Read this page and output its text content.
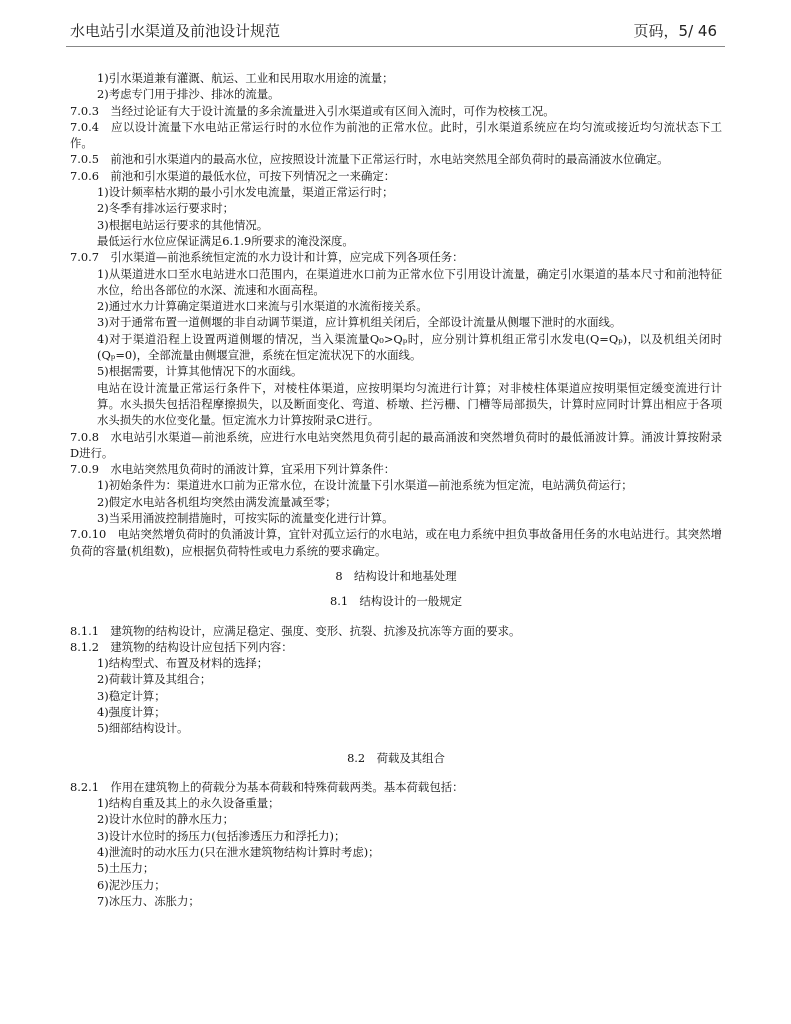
水电站引水渠道及前池设计规范	页码，5/ 46
1)引水渠道兼有灌溉、航运、工业和民用取水用途的流量；
2)考虑专门用于排沙、排冰的流量。
7.0.3　当经过论证有大于设计流量的多余流量进入引水渠道或有区间入流时，可作为校核工况。
7.0.4　应以设计流量下水电站正常运行时的水位作为前池的正常水位。此时，引水渠道系统应在均匀流或接近均匀流状态下工作。
7.0.5　前池和引水渠道内的最高水位，应按照设计流量下正常运行时，水电站突然甩全部负荷时的最高涌波水位确定。
7.0.6　前池和引水渠道的最低水位，可按下列情况之一来确定：
1)设计频率枯水期的最小引水发电流量，渠道正常运行时；
2)冬季有排冰运行要求时；
3)根据电站运行要求的其他情况。
最低运行水位应保证满足6.1.9所要求的淹没深度。
7.0.7　引水渠道—前池系统恒定流的水力设计和计算，应完成下列各项任务：
1)从渠道进水口至水电站进水口范围内，在渠道进水口前为正常水位下引用设计流量，确定引水渠道的基本尺寸和前池特征水位，给出各部位的水深、流速和水面高程。
2)通过水力计算确定渠道进水口来流与引水渠道的水流衔接关系。
3)对于通常布置一道侧堰的非自动调节渠道，应计算机组关闭后，全部设计流量从侧堰下泄时的水面线。
4)对于渠道沿程上设置两道侧堰的情况，当入渠流量Q₀>Qₚ时，应分别计算机组正常引水发电(Q=Qₚ)，以及机组关闭时(Qₚ=0)，全部流量由侧堰宣泄，系统在恒定流状况下的水面线。
5)根据需要，计算其他情况下的水面线。
电站在设计流量正常运行条件下，对棱柱体渠道，应按明渠均匀流进行计算；对非棱柱体渠道应按明渠恒定缓变流进行计算。水头损失包括沿程摩擦损失，以及断面变化、弯道、桥墩、拦污栅、门槽等局部损失，计算时应同时计算出相应于各项水头损失的水位变化量。恒定流水力计算按附录C进行。
7.0.8　水电站引水渠道—前池系统，应进行水电站突然甩负荷引起的最高涌波和突然增负荷时的最低涌波计算。涌波计算按附录D进行。
7.0.9　水电站突然甩负荷时的涌波计算，宜采用下列计算条件：
1)初始条件为：渠道进水口前为正常水位，在设计流量下引水渠道—前池系统为恒定流，电站满负荷运行；
2)假定水电站各机组均突然由满发流量减至零；
3)当采用涌波控制措施时，可按实际的流量变化进行计算。
7.0.10　电站突然增负荷时的负涌波计算，宜针对孤立运行的水电站，或在电力系统中担负事故备用任务的水电站进行。其突然增负荷的容量(机组数)，应根据负荷特性或电力系统的要求确定。
8　结构设计和地基处理
8.1　结构设计的一般规定
8.1.1　建筑物的结构设计，应满足稳定、强度、变形、抗裂、抗渗及抗冻等方面的要求。
8.1.2　建筑物的结构设计应包括下列内容：
1)结构型式、布置及材料的选择；
2)荷载计算及其组合；
3)稳定计算；
4)强度计算；
5)细部结构设计。
8.2　荷载及其组合
8.2.1　作用在建筑物上的荷载分为基本荷载和特殊荷载两类。基本荷载包括：
1)结构自重及其上的永久设备重量；
2)设计水位时的静水压力；
3)设计水位时的扬压力(包括渗透压力和浮托力)；
4)泄流时的动水压力(只在泄水建筑物结构计算时考虑)；
5)土压力；
6)泥沙压力；
7)冰压力、冻胀力；
